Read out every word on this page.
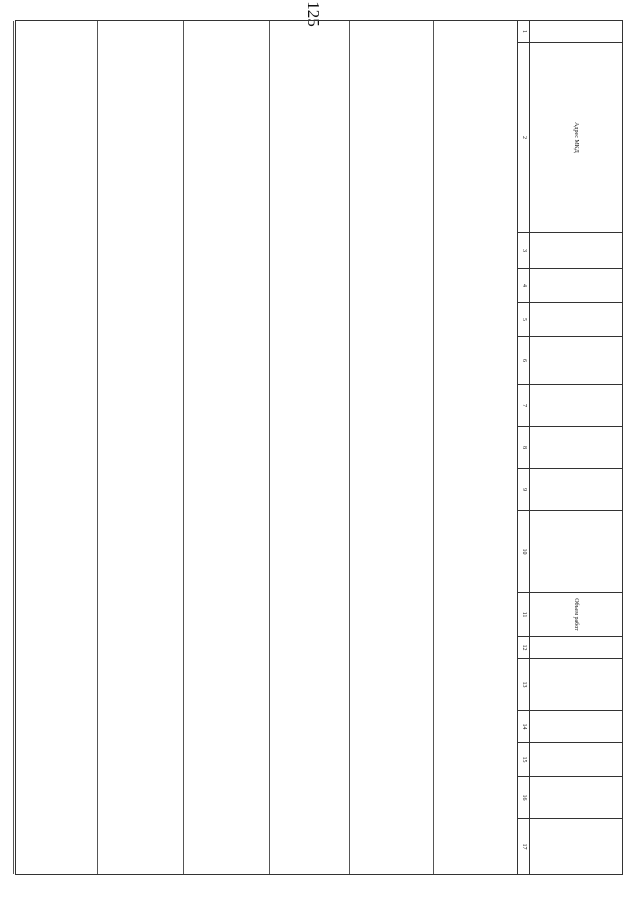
125
Адрес МКД
Объем работ
1
2
3
4
5
6
7
8
9
10
11
12
13
14
15
16
17
